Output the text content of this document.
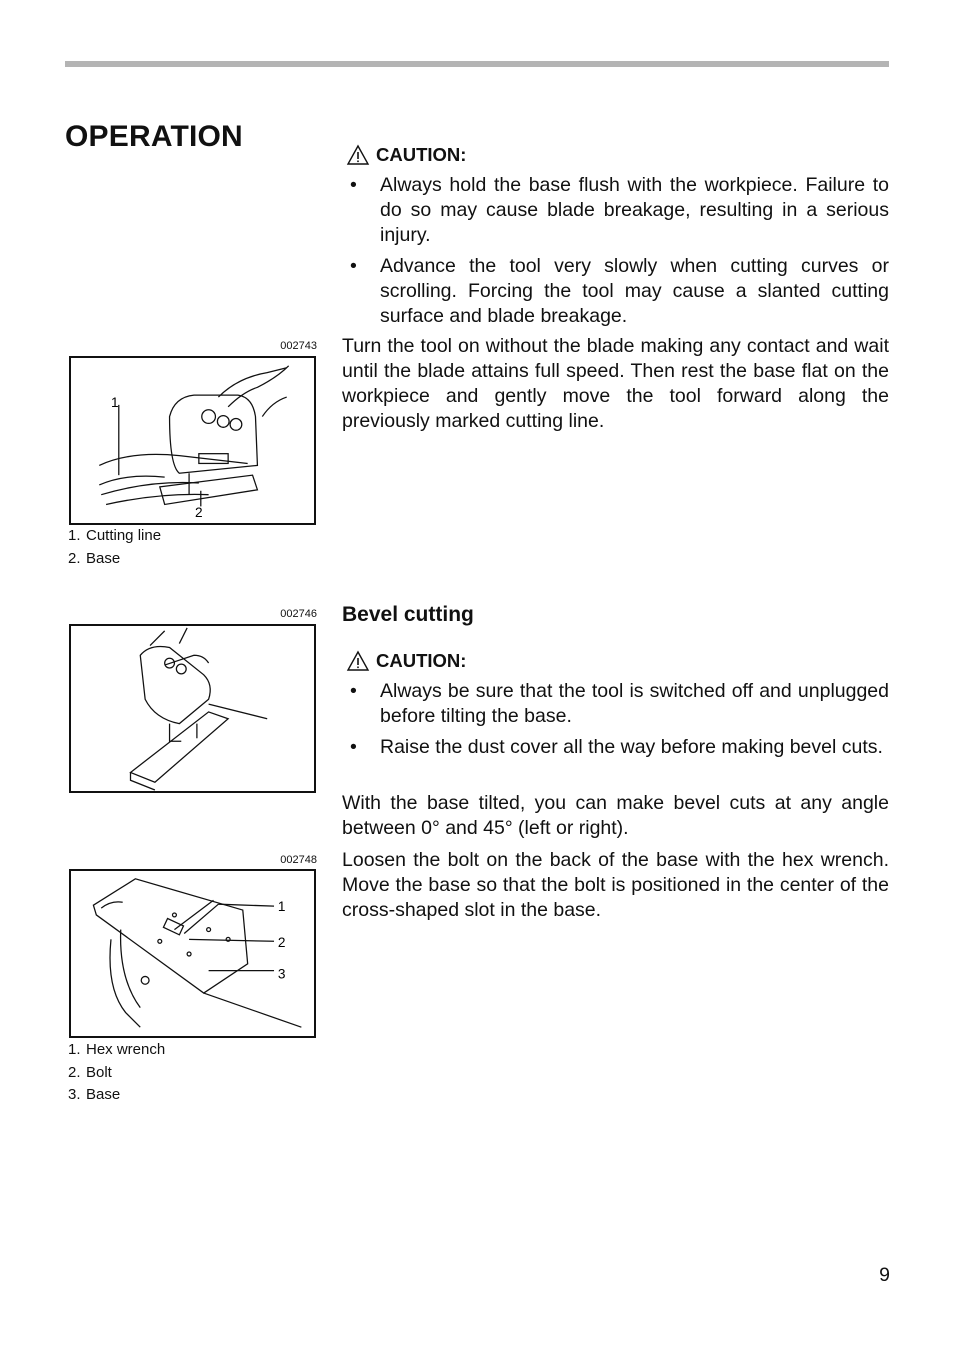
OPERATION
CAUTION:
• Always hold the base flush with the workpiece. Failure to do so may cause blade breakage, resulting in a serious injury.
• Advance the tool very slowly when cutting curves or scrolling. Forcing the tool may cause a slanted cutting surface and blade breakage.

Turn the tool on without the blade making any contact and wait until the blade attains full speed. Then rest the base flat on the workpiece and gently move the tool forward along the previously marked cutting line.

Bevel cutting
CAUTION:
• Always be sure that the tool is switched off and unplugged before tilting the base.
• Raise the dust cover all the way before making bevel cuts.

With the base tilted, you can make bevel cuts at any angle between 0° and 45° (left or right).

Loosen the bolt on the back of the base with the hex wrench. Move the base so that the bolt is positioned in the center of the cross-shaped slot in the base.

002743
1
2
1. Cutting line
2. Base
002746
002748
1
2
3
1. Hex wrench
2. Bolt
3. Base
9
